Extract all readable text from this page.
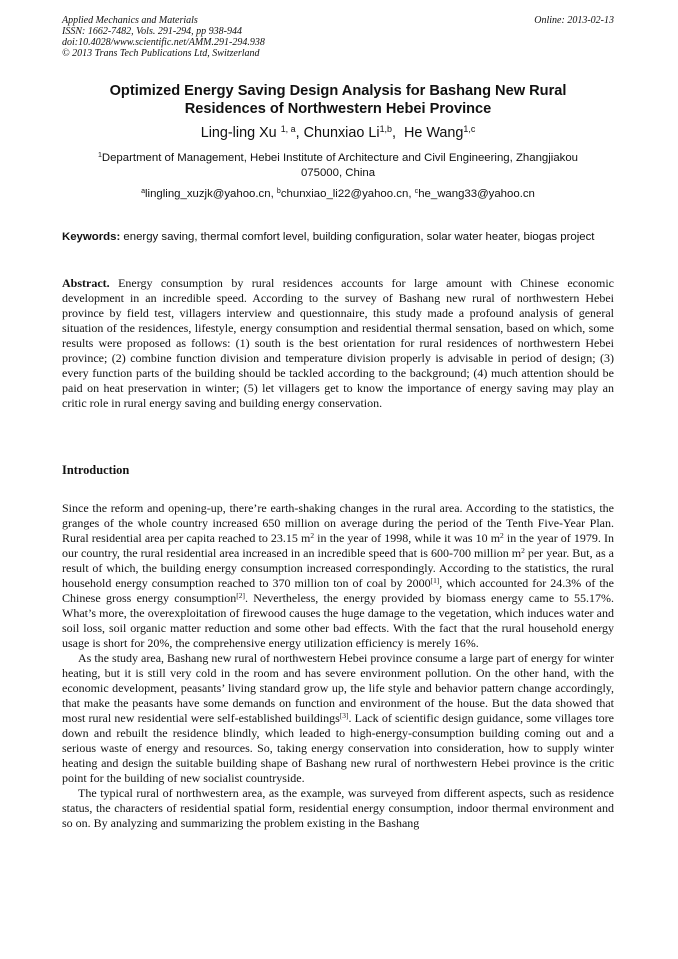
Applied Mechanics and Materials
ISSN: 1662-7482, Vols. 291-294, pp 938-944
doi:10.4028/www.scientific.net/AMM.291-294.938
© 2013 Trans Tech Publications Ltd, Switzerland
Online: 2013-02-13
Optimized Energy Saving Design Analysis for Bashang New Rural
Residences of Northwestern Hebei Province
Ling-ling Xu $^{1, a}$, Chunxiao Li$^{1,b}$,  He Wang$^{1,c}$
$^1$Department of Management, Hebei Institute of Architecture and Civil Engineering, Zhangjiakou
075000, China
$^a$lingling_xuzjk@yahoo.cn, $^b$chunxiao_li22@yahoo.cn, $^c$he_wang33@yahoo.cn
Keywords: energy saving, thermal comfort level, building configuration, solar water heater, biogas project
Abstract. Energy consumption by rural residences accounts for large amount with Chinese economic development in an incredible speed. According to the survey of Bashang new rural of northwestern Hebei province by field test, villagers interview and questionnaire, this study made a profound analysis of general situation of the residences, lifestyle, energy consumption and residential thermal sensation, based on which, some results were proposed as follows: (1) south is the best orientation for rural residences of northwestern Hebei province; (2) combine function division and temperature division properly is advisable in period of design; (3) every function parts of the building should be tackled according to the background; (4) much attention should be paid on heat preservation in winter; (5) let villagers get to know the importance of energy saving may play an critic role in rural energy saving and building energy conservation.
Introduction

Since the reform and opening-up, there’re earth-shaking changes in the rural area. According to the statistics, the granges of the whole country increased 650 million on average during the period of the Tenth Five-Year Plan. Rural residential area per capita reached to 23.15 $m^2$ in the year of 1998, while it was 10 $m^2$ in the year of 1979. In our country, the rural residential area increased in an incredible speed that is 600-700 million $m^2$ per year. But, as a result of which, the building energy consumption increased correspondingly. According to the statistics, the rural household energy consumption reached to 370 million ton of coal by 2000[1], which accounted for 24.3% of the Chinese gross energy consumption[2]. Nevertheless, the energy provided by biomass energy came to 55.17%. What’s more, the overexploitation of firewood causes the huge damage to the vegetation, which induces water and soil loss, soil organic matter reduction and some other bad effects. With the fact that the rural household energy usage is short for 20%, the comprehensive energy utilization efficiency is merely 16%.

As the study area, Bashang new rural of northwestern Hebei province consume a large part of energy for winter heating, but it is still very cold in the room and has severe environment pollution. On the other hand, with the economic development, peasants’ living standard grow up, the life style and behavior pattern change accordingly, that make the peasants have some demands on function and environment of the house. But the data showed that most rural new residential were self-established buildings[3]. Lack of scientific design guidance, some villages tore down and rebuilt the residence blindly, which leaded to high-energy-consumption building coming out and a serious waste of energy and resources. So, taking energy conservation into consideration, how to supply winter heating and design the suitable building shape of Bashang new rural of northwestern Hebei province is the critic point for the building of new socialist countryside.

The typical rural of northwestern area, as the example, was surveyed from different aspects, such as residence status, the characters of residential spatial form, residential energy consumption, indoor thermal environment and so on. By analyzing and summarizing the problem existing in the Bashang
